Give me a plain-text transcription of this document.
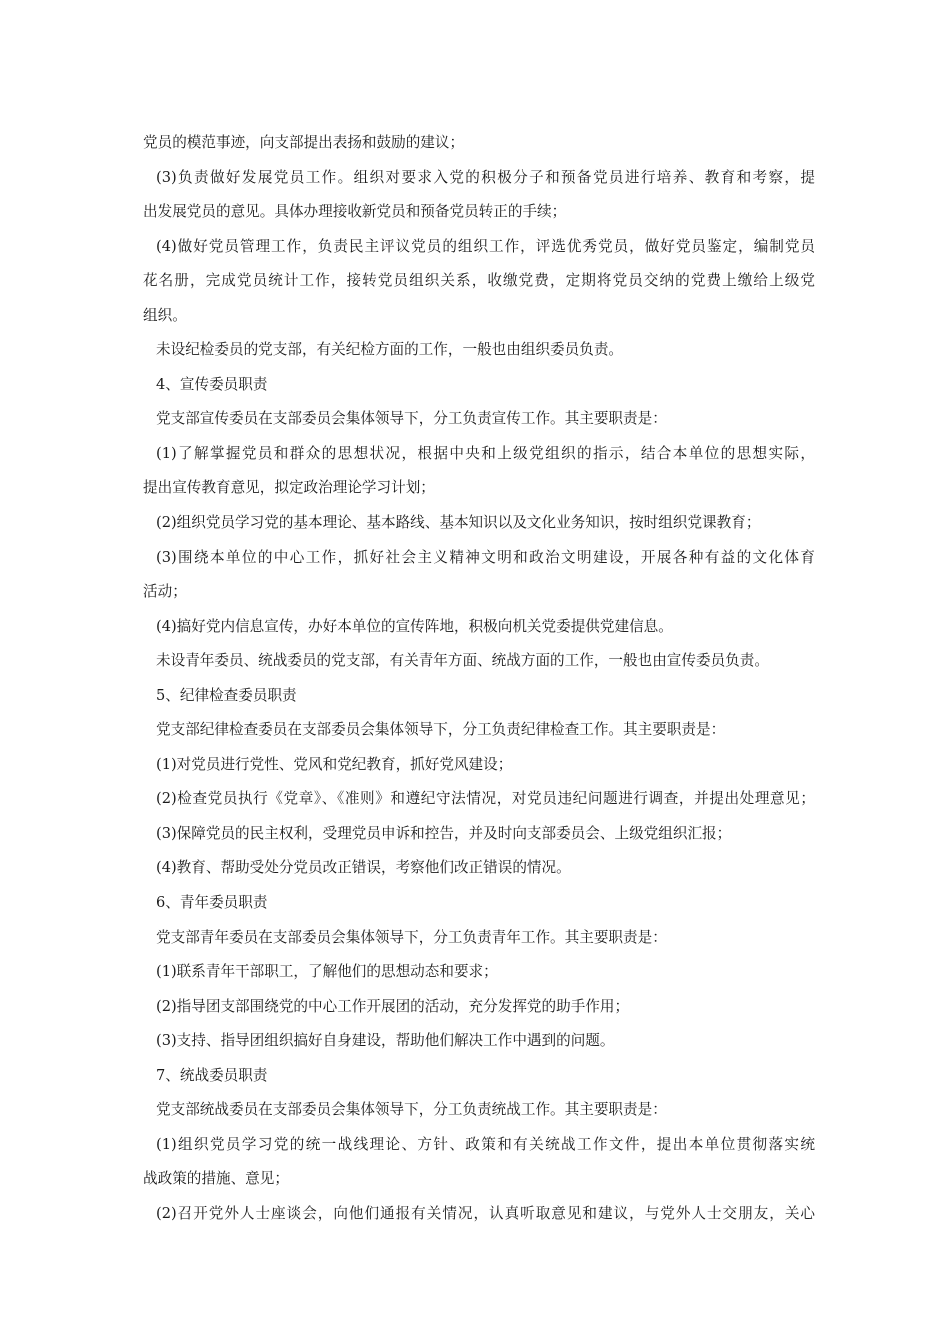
党员的模范事迹，向支部提出表扬和鼓励的建议；
(3)负责做好发展党员工作。组织对要求入党的积极分子和预备党员进行培养、教育和考察，提
出发展党员的意见。具体办理接收新党员和预备党员转正的手续；
(4)做好党员管理工作，负责民主评议党员的组织工作，评选优秀党员，做好党员鉴定，编制党员
花名册，完成党员统计工作，接转党员组织关系，收缴党费，定期将党员交纳的党费上缴给上级党
组织。
未设纪检委员的党支部，有关纪检方面的工作，一般也由组织委员负责。
4、宣传委员职责
党支部宣传委员在支部委员会集体领导下，分工负责宣传工作。其主要职责是：
(1)了解掌握党员和群众的思想状况，根据中央和上级党组织的指示，结合本单位的思想实际，
提出宣传教育意见，拟定政治理论学习计划；
(2)组织党员学习党的基本理论、基本路线、基本知识以及文化业务知识，按时组织党课教育；
(3)围绕本单位的中心工作，抓好社会主义精神文明和政治文明建设，开展各种有益的文化体育
活动；
(4)搞好党内信息宣传，办好本单位的宣传阵地，积极向机关党委提供党建信息。
未设青年委员、统战委员的党支部，有关青年方面、统战方面的工作，一般也由宣传委员负责。
5、纪律检查委员职责
党支部纪律检查委员在支部委员会集体领导下，分工负责纪律检查工作。其主要职责是：
(1)对党员进行党性、党风和党纪教育，抓好党风建设；
(2)检查党员执行《党章》、《准则》和遵纪守法情况，对党员违纪问题进行调查，并提出处理意见；
(3)保障党员的民主权利，受理党员申诉和控告，并及时向支部委员会、上级党组织汇报；
(4)教育、帮助受处分党员改正错误，考察他们改正错误的情况。
6、青年委员职责
党支部青年委员在支部委员会集体领导下，分工负责青年工作。其主要职责是：
(1)联系青年干部职工，了解他们的思想动态和要求；
(2)指导团支部围绕党的中心工作开展团的活动，充分发挥党的助手作用；
(3)支持、指导团组织搞好自身建设，帮助他们解决工作中遇到的问题。
7、统战委员职责
党支部统战委员在支部委员会集体领导下，分工负责统战工作。其主要职责是：
(1)组织党员学习党的统一战线理论、方针、政策和有关统战工作文件，提出本单位贯彻落实统
战政策的措施、意见；
(2)召开党外人士座谈会，向他们通报有关情况，认真听取意见和建议，与党外人士交朋友，关心
